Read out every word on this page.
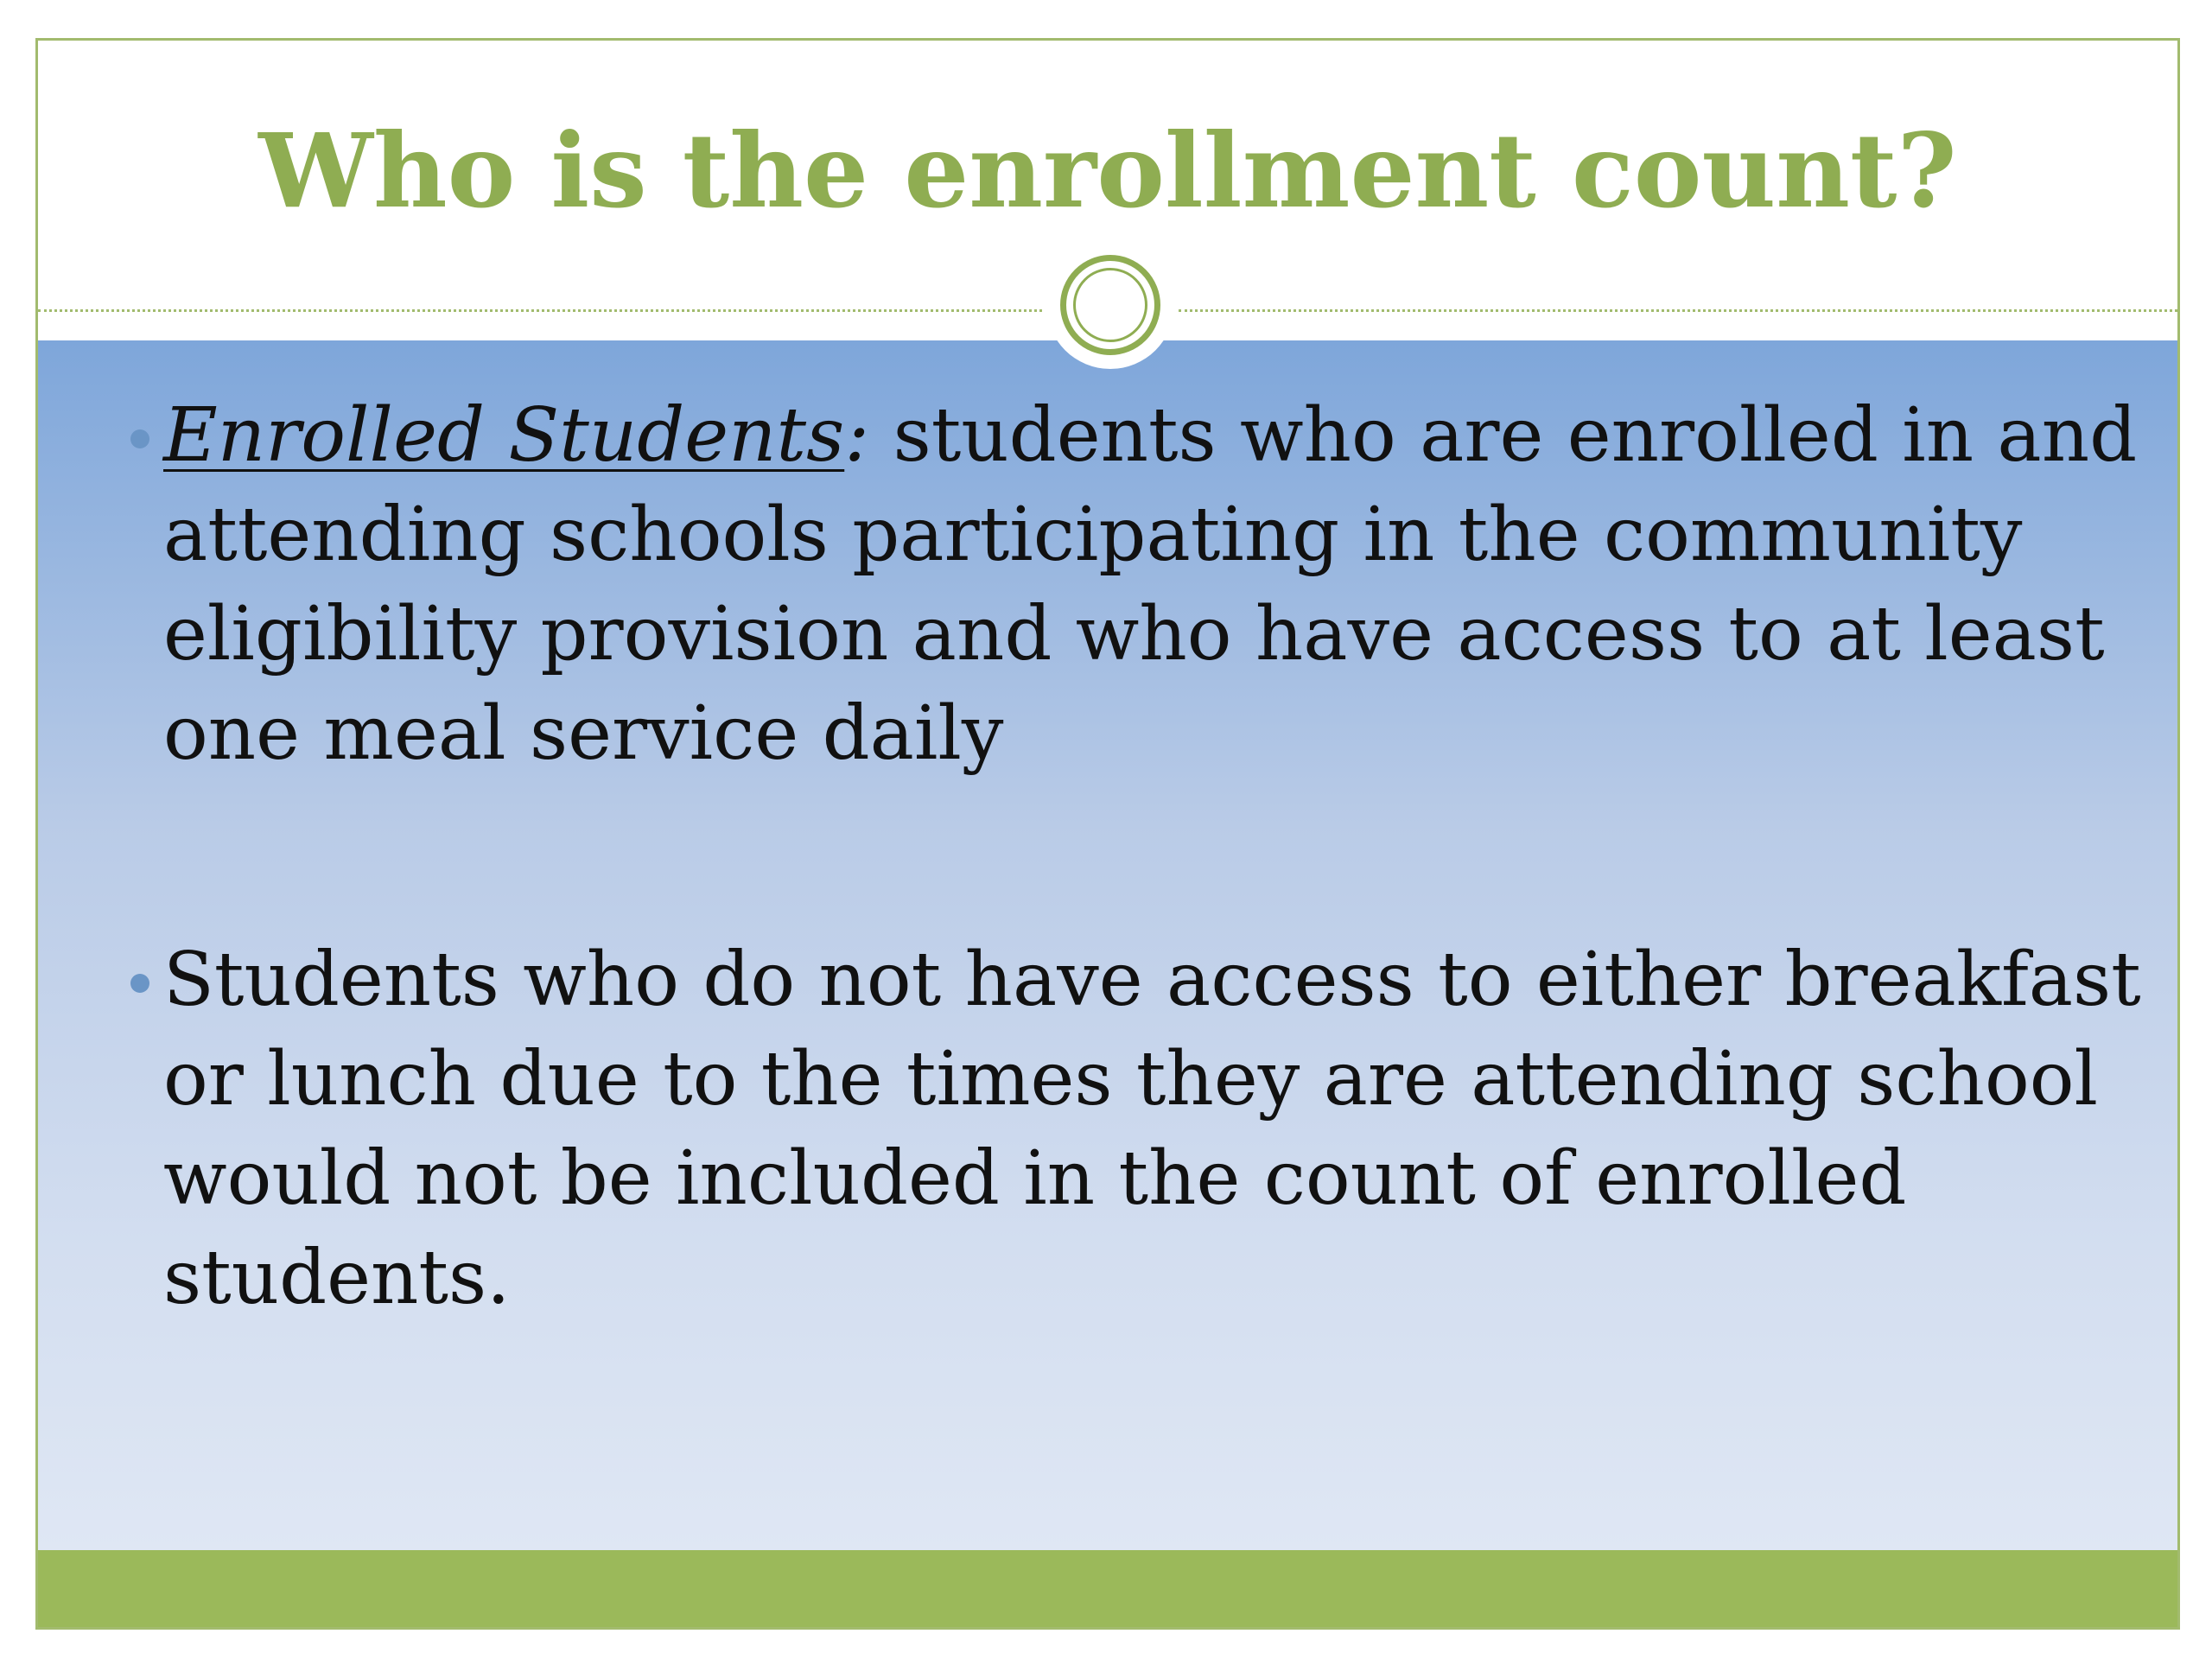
Who is the enrollment count?
Enrolled Students: students who are enrolled in and attending schools participating in the community eligibility provision and who have access to at least one meal service daily
Students who do not have access to either breakfast or lunch due to the times they are attending school would not be included in the count of enrolled students.
